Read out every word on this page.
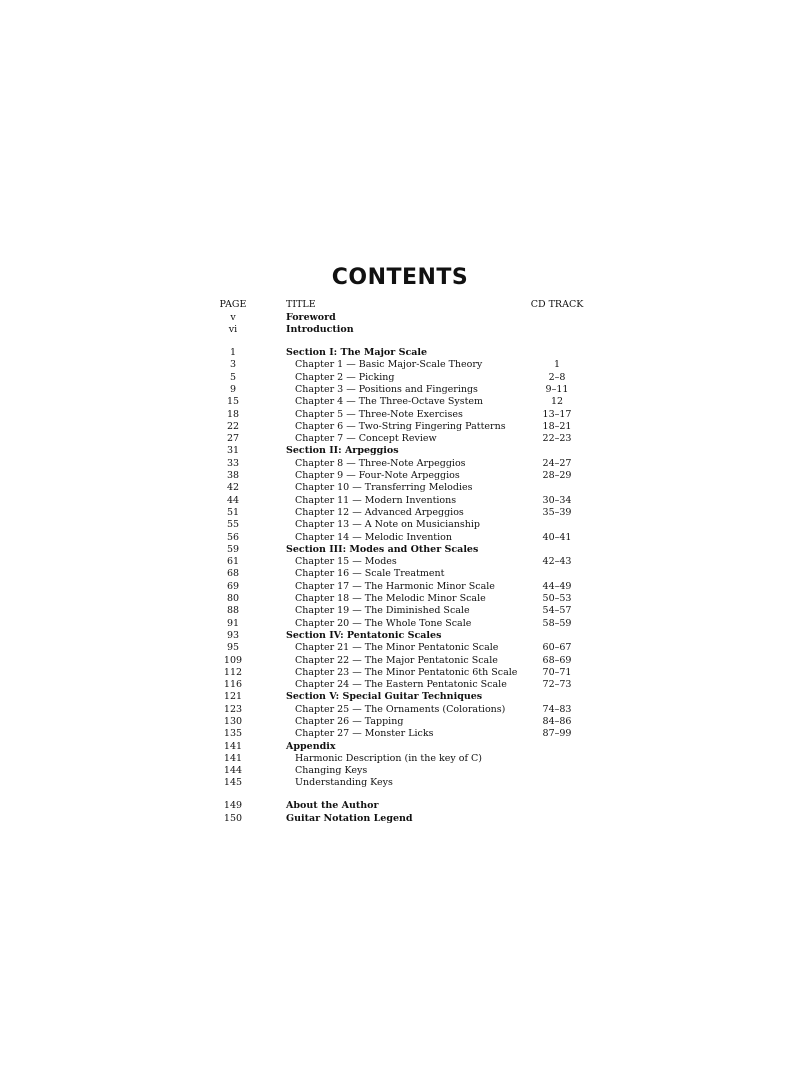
CONTENTS
PAGE	TITLE	CD TRACK
v	Foreword
vi	Introduction
1	Section I: The Major Scale
3	Chapter 1 — Basic Major-Scale Theory	1
5	Chapter 2 — Picking	2–8
9	Chapter 3 — Positions and Fingerings	9–11
15	Chapter 4 — The Three-Octave System	12
18	Chapter 5 — Three-Note Exercises	13–17
22	Chapter 6 — Two-String Fingering Patterns	18–21
27	Chapter 7 — Concept Review	22–23
31	Section II: Arpeggios
33	Chapter 8 — Three-Note Arpeggios	24–27
38	Chapter 9 — Four-Note Arpeggios	28–29
42	Chapter 10 — Transferring Melodies
44	Chapter 11 — Modern Inventions	30–34
51	Chapter 12 — Advanced Arpeggios	35–39
55	Chapter 13 — A Note on Musicianship
56	Chapter 14 — Melodic Invention	40–41
59	Section III: Modes and Other Scales
61	Chapter 15 — Modes	42–43
68	Chapter 16 — Scale Treatment
69	Chapter 17 — The Harmonic Minor Scale	44–49
80	Chapter 18 — The Melodic Minor Scale	50–53
88	Chapter 19 — The Diminished Scale	54–57
91	Chapter 20 — The Whole Tone Scale	58–59
93	Section IV: Pentatonic Scales
95	Chapter 21 — The Minor Pentatonic Scale	60–67
109	Chapter 22 — The Major Pentatonic Scale	68–69
112	Chapter 23 — The Minor Pentatonic 6th Scale	70–71
116	Chapter 24 — The Eastern Pentatonic Scale	72–73
121	Section V: Special Guitar Techniques
123	Chapter 25 — The Ornaments (Colorations)	74–83
130	Chapter 26 — Tapping	84–86
135	Chapter 27 — Monster Licks	87–99
141	Appendix
141	Harmonic Description (in the key of C)
144	Changing Keys
145	Understanding Keys
149	About the Author
150	Guitar Notation Legend
